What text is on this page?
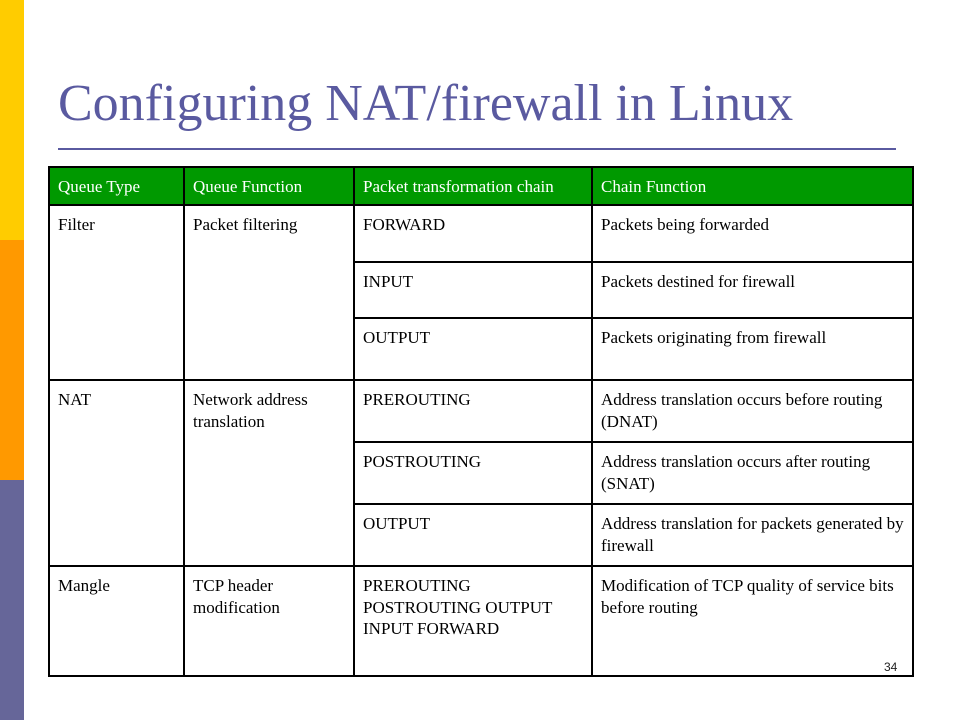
Configuring NAT/firewall in Linux
Queue Type	Queue Function	Packet transformation chain	Chain Function
Filter	Packet filtering	FORWARD	Packets being forwarded
		INPUT	Packets destined for firewall
		OUTPUT	Packets originating from firewall
NAT	Network address translation	PREROUTING	Address translation occurs before routing (DNAT)
		POSTROUTING	Address translation occurs after routing (SNAT)
		OUTPUT	Address translation for packets generated by firewall
Mangle	TCP header modification	PREROUTING POSTROUTING OUTPUT INPUT FORWARD	Modification of TCP quality of service bits before routing
34
